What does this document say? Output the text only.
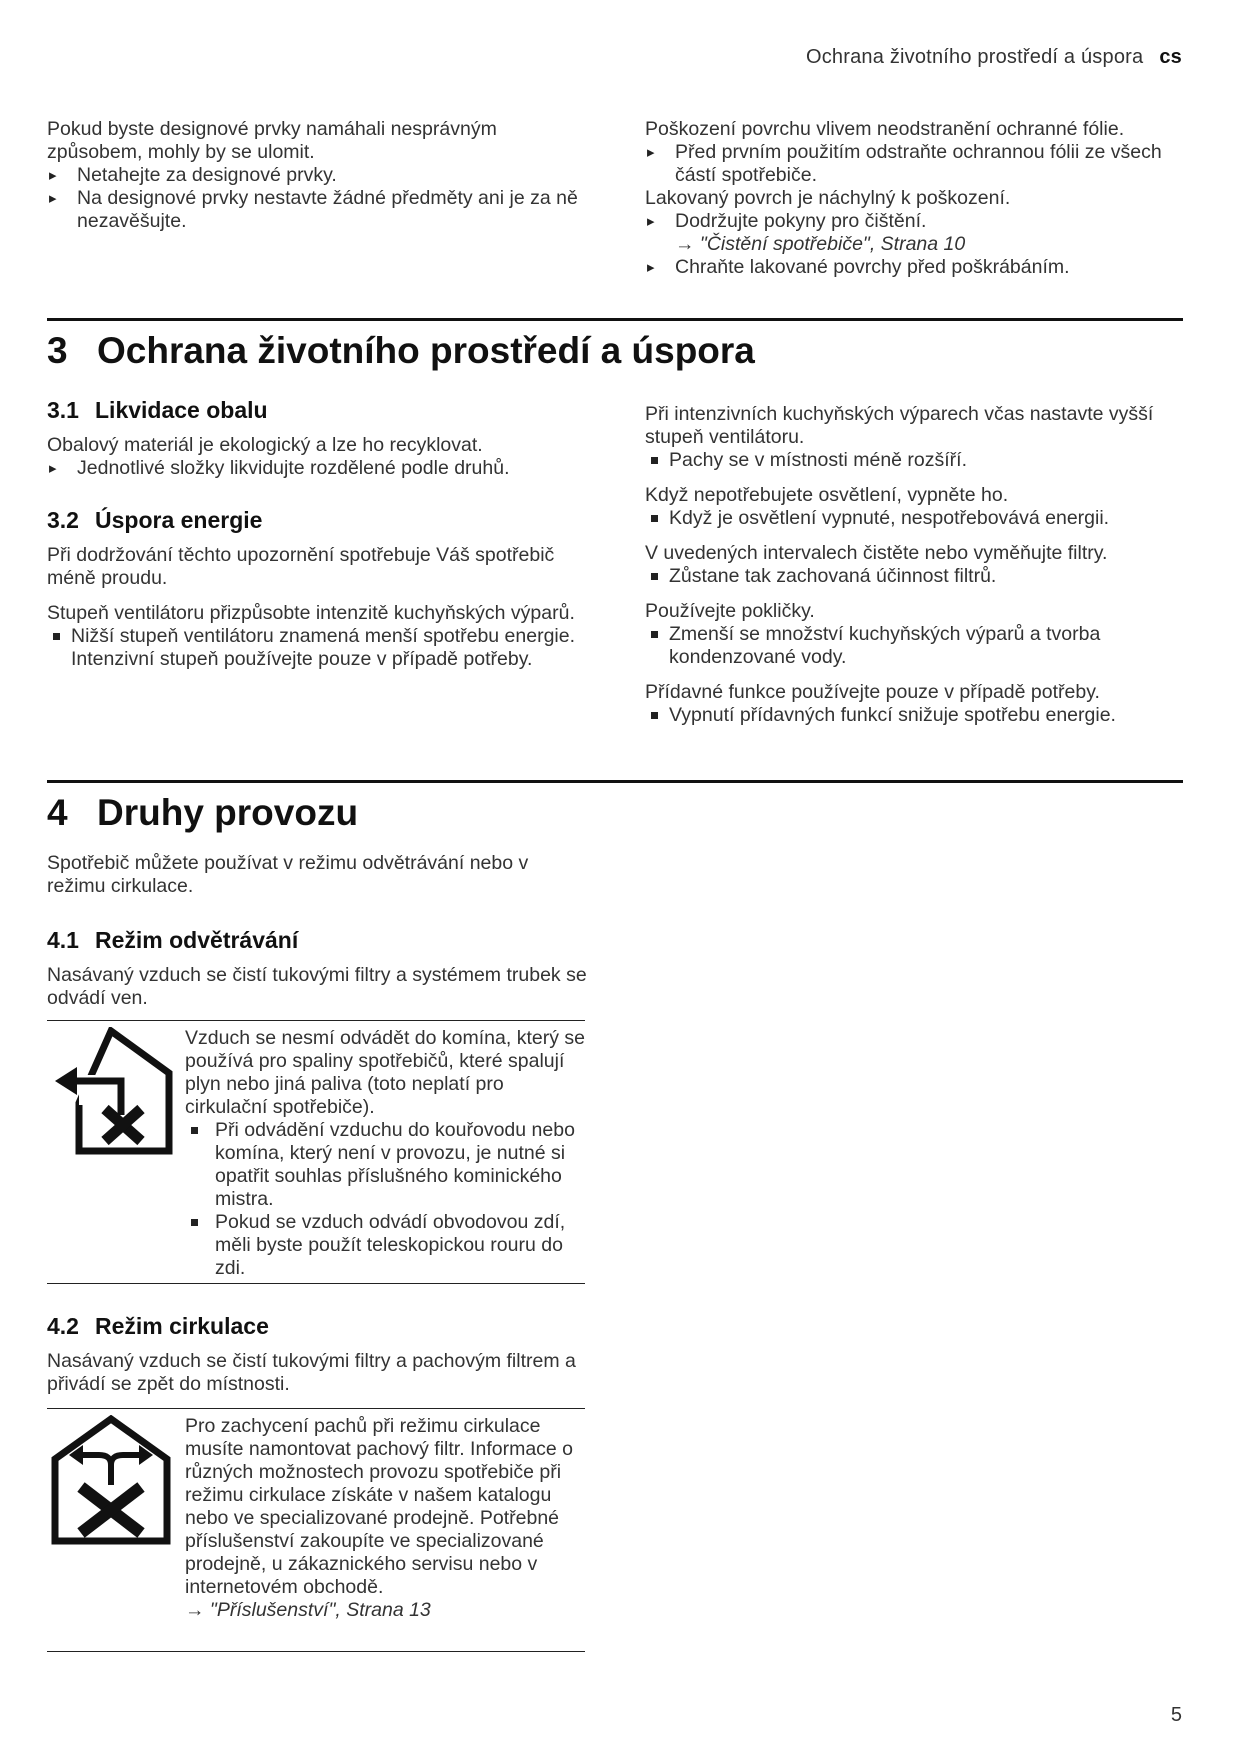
Ochrana životního prostředí a úspora cs

Pokud byste designové prvky namáhali nesprávným způsobem, mohly by se ulomit.

▸ Netahejte za designové prvky.

▸ Na designové prvky nestavte žádné předměty ani je za ně nezavěšujte.

Poškození povrchu vlivem neodstranění ochranné fólie.

▸ Před prvním použitím odstraňte ochrannou fólii ze všech částí spotřebiče.

Lakovaný povrch je náchylný k poškození.

▸ Dodržujte pokyny pro čištění.

→ "Čistění spotřebiče", Strana 10

▸ Chraňte lakované povrchy před poškrábáním.

3 Ochrana životního prostředí a úspora
3.1 Likvidace obalu

Obalový materiál je ekologický a lze ho recyklovat.

▸ Jednotlivé složky likvidujte rozdělené podle druhů.

3.2 Úspora energie

Při dodržování těchto upozornění spotřebuje Váš spotřebič méně proudu.

Stupeň ventilátoru přizpůsobte intenzitě kuchyňských výparů.

Nižší stupeň ventilátoru znamená menší spotřebu energie.

Intenzivní stupeň používejte pouze v případě potřeby.

Při intenzivních kuchyňských výparech včas nastavte vyšší stupeň ventilátoru.

Pachy se v místnosti méně rozšíří.

Když nepotřebujete osvětlení, vypněte ho.

Když je osvětlení vypnuté, nespotřebovává energii.

V uvedených intervalech čistěte nebo vyměňujte filtry.

Zůstane tak zachovaná účinnost filtrů.

Používejte pokličky.

Zmenší se množství kuchyňských výparů a tvorba kondenzované vody.

Přídavné funkce používejte pouze v případě potřeby.

Vypnutí přídavných funkcí snižuje spotřebu energie.

4 Druhy provozu

Spotřebič můžete používat v režimu odvětrávání nebo v režimu cirkulace.

4.1 Režim odvětrávání

Nasávaný vzduch se čistí tukovými filtry a systémem trubek se odvádí ven.

Vzduch se nesmí odvádět do komína, který se používá pro spaliny spotřebičů, které spalují plyn nebo jiná paliva (toto neplatí pro cirkulační spotřebiče).

Při odvádění vzduchu do kouřovodu nebo komína, který není v provozu, je nutné si opatřit souhlas příslušného kominického mistra.

Pokud se vzduch odvádí obvodovou zdí, měli byste použít teleskopickou rouru do zdi.

4.2 Režim cirkulace

Nasávaný vzduch se čistí tukovými filtry a pachovým filtrem a přivádí se zpět do místnosti.

Pro zachycení pachů při režimu cirkulace musíte namontovat pachový filtr. Informace o různých možnostech provozu spotřebiče při režimu cirkulace získáte v našem katalogu nebo ve specializované prodejně. Potřebné příslušenství zakoupíte ve specializované prodejně, u zákaznického servisu nebo v internetovém obchodě.

→ "Příslušenství", Strana 13

5
